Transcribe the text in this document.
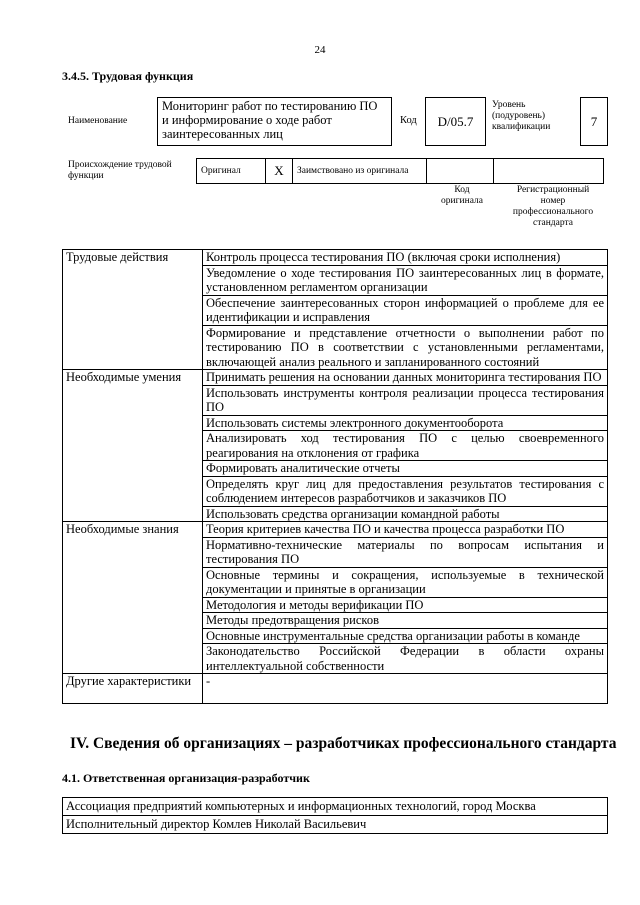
24
3.4.5. Трудовая функция
Наименование
Мониторинг работ по тестированию ПО и информирование о ходе работ заинтересованных лиц
Код	D/05.7
Уровень
(подуровень)
квалификации	7
Происхождение трудовой
функции	Оригинал	X	Заимствовано из оригинала		
Код
оригинала
Регистрационный
номер
профессионального
стандарта
Трудовые действия	Контроль процесса тестирования ПО (включая сроки исполнения)
	Уведомление о ходе тестирования ПО заинтересованных лиц в формате, установленном регламентом организации
	Обеспечение заинтересованных сторон информацией о проблеме для ее идентификации и исправления
	Формирование и представление отчетности о выполнении работ по тестированию ПО в соответствии с установленными регламентами, включающей анализ реального и запланированного состояний
Необходимые умения	Принимать решения на основании данных мониторинга тестирования ПО
	Использовать инструменты контроля реализации процесса тестирования ПО
	Использовать системы электронного документооборота
	Анализировать ход тестирования ПО с целью своевременного реагирования на отклонения от графика
	Формировать аналитические отчеты
	Определять круг лиц для предоставления результатов тестирования с соблюдением интересов разработчиков и заказчиков ПО
	Использовать средства организации командной работы
Необходимые знания	Теория критериев качества ПО и качества процесса разработки ПО
	Нормативно-технические материалы по вопросам испытания и тестирования ПО
	Основные термины и сокращения, используемые в технической документации и принятые в организации
	Методология и методы верификации ПО
	Методы предотвращения рисков
	Основные инструментальные средства организации работы в команде
	Законодательство Российской Федерации в области охраны интеллектуальной собственности
Другие характеристики	-
IV. Сведения об организациях – разработчиках профессионального стандарта
4.1. Ответственная организация-разработчик
Ассоциация предприятий компьютерных и информационных технологий, город Москва
Исполнительный директор Комлев Николай Васильевич
